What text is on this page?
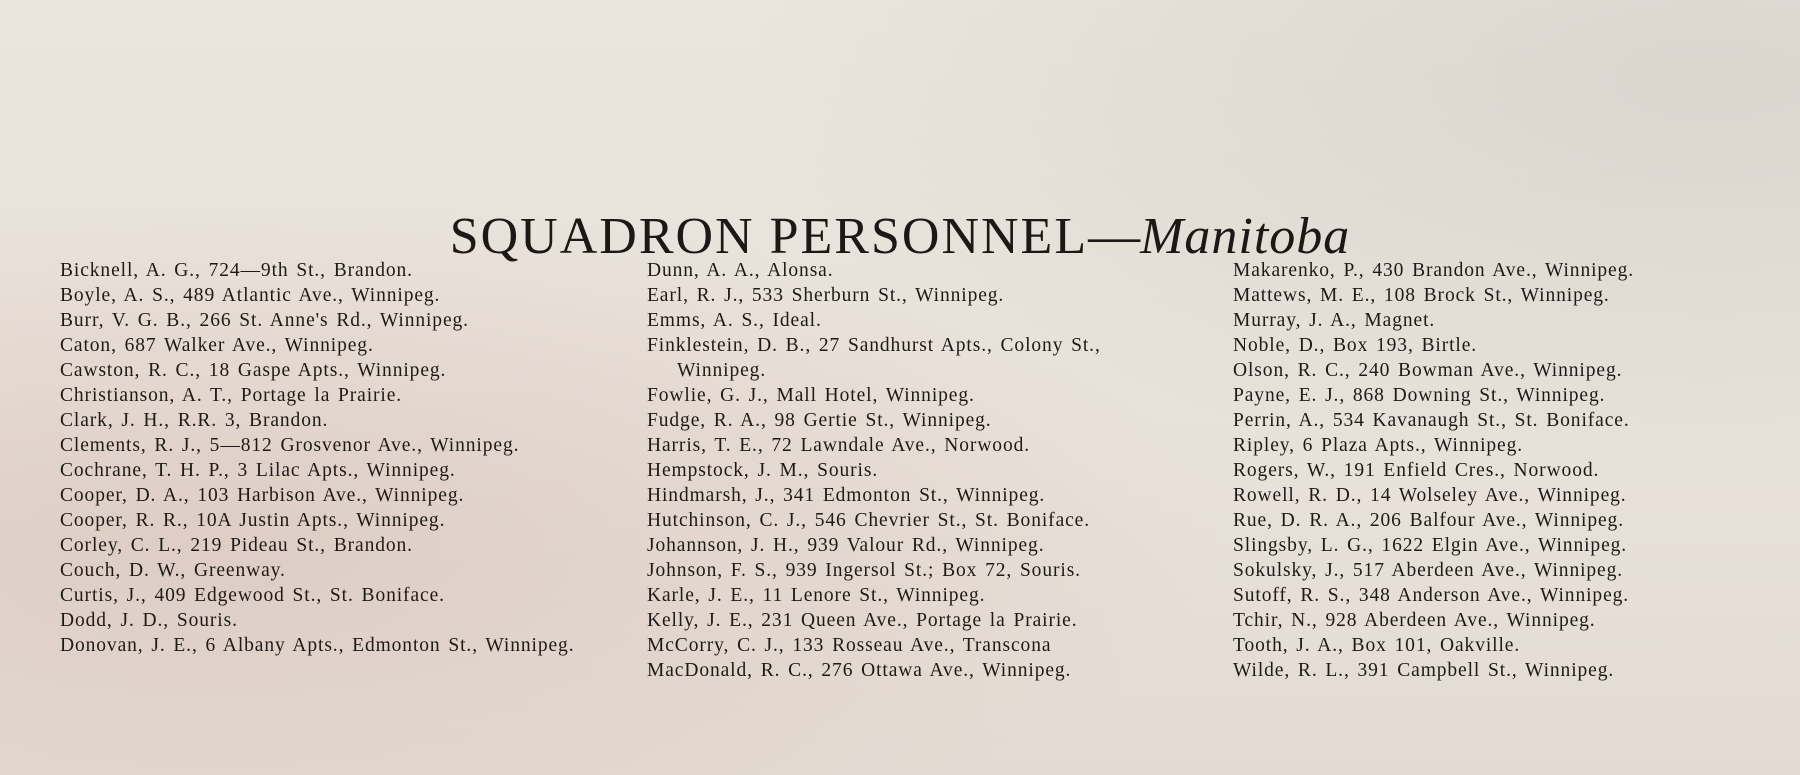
SQUADRON PERSONNEL—Manitoba
Bicknell, A. G., 724—9th St., Brandon.
Boyle, A. S., 489 Atlantic Ave., Winnipeg.
Burr, V. G. B., 266 St. Anne's Rd., Winnipeg.
Caton, 687 Walker Ave., Winnipeg.
Cawston, R. C., 18 Gaspe Apts., Winnipeg.
Christianson, A. T., Portage la Prairie.
Clark, J. H., R.R. 3, Brandon.
Clements, R. J., 5—812 Grosvenor Ave., Winnipeg.
Cochrane, T. H. P., 3 Lilac Apts., Winnipeg.
Cooper, D. A., 103 Harbison Ave., Winnipeg.
Cooper, R. R., 10A Justin Apts., Winnipeg.
Corley, C. L., 219 Pideau St., Brandon.
Couch, D. W., Greenway.
Curtis, J., 409 Edgewood St., St. Boniface.
Dodd, J. D., Souris.
Donovan, J. E., 6 Albany Apts., Edmonton St., Winnipeg.
Dunn, A. A., Alonsa.
Earl, R. J., 533 Sherburn St., Winnipeg.
Emms, A. S., Ideal.
Finklestein, D. B., 27 Sandhurst Apts., Colony St., Winnipeg.
Fowlie, G. J., Mall Hotel, Winnipeg.
Fudge, R. A., 98 Gertie St., Winnipeg.
Harris, T. E., 72 Lawndale Ave., Norwood.
Hempstock, J. M., Souris.
Hindmarsh, J., 341 Edmonton St., Winnipeg.
Hutchinson, C. J., 546 Chevrier St., St. Boniface.
Johannson, J. H., 939 Valour Rd., Winnipeg.
Johnson, F. S., 939 Ingersol St.; Box 72, Souris.
Karle, J. E., 11 Lenore St., Winnipeg.
Kelly, J. E., 231 Queen Ave., Portage la Prairie.
McCorry, C. J., 133 Rosseau Ave., Transcona
MacDonald, R. C., 276 Ottawa Ave., Winnipeg.
Makarenko, P., 430 Brandon Ave., Winnipeg.
Mattews, M. E., 108 Brock St., Winnipeg.
Murray, J. A., Magnet.
Noble, D., Box 193, Birtle.
Olson, R. C., 240 Bowman Ave., Winnipeg.
Payne, E. J., 868 Downing St., Winnipeg.
Perrin, A., 534 Kavanaugh St., St. Boniface.
Ripley, 6 Plaza Apts., Winnipeg.
Rogers, W., 191 Enfield Cres., Norwood.
Rowell, R. D., 14 Wolseley Ave., Winnipeg.
Rue, D. R. A., 206 Balfour Ave., Winnipeg.
Slingsby, L. G., 1622 Elgin Ave., Winnipeg.
Sokulsky, J., 517 Aberdeen Ave., Winnipeg.
Sutoff, R. S., 348 Anderson Ave., Winnipeg.
Tchir, N., 928 Aberdeen Ave., Winnipeg.
Tooth, J. A., Box 101, Oakville.
Wilde, R. L., 391 Campbell St., Winnipeg.
